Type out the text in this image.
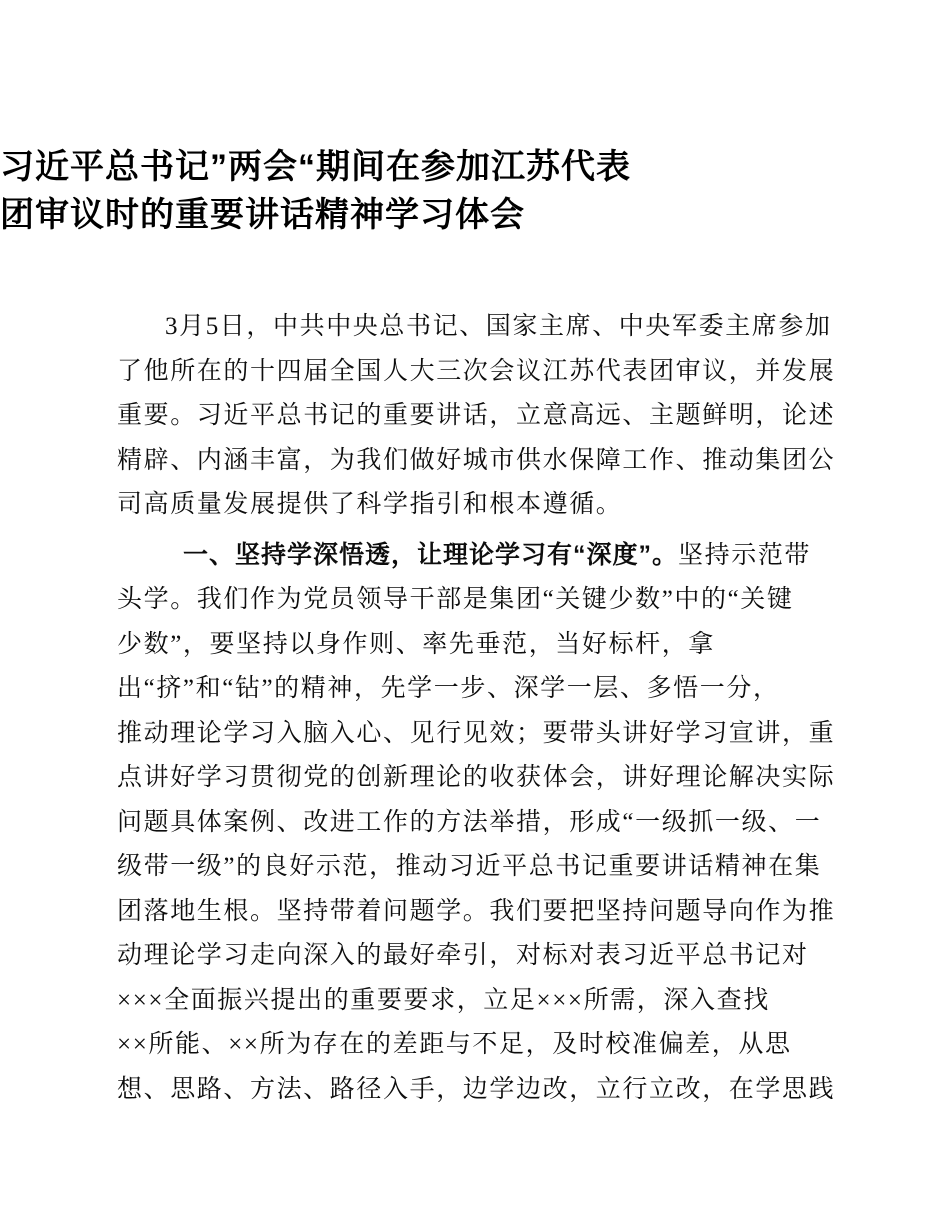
习近平总书记”两会“期间在参加江苏代表
团审议时的重要讲话精神学习体会
3月5日，中共中央总书记、国家主席、中央军委主席参加
了他所在的十四届全国人大三次会议江苏代表团审议，并发展
重要。习近平总书记的重要讲话，立意高远、主题鲜明，论述
精辟、内涵丰富，为我们做好城市供水保障工作、推动集团公
司高质量发展提供了科学指引和根本遵循。
一、坚持学深悟透，让理论学习有“深度”。坚持示范带
头学。我们作为党员领导干部是集团“关键少数”中的“关键
少数”，要坚持以身作则、率先垂范，当好标杆，拿
出“挤”和“钻”的精神，先学一步、深学一层、多悟一分，
推动理论学习入脑入心、见行见效；要带头讲好学习宣讲，重
点讲好学习贯彻党的创新理论的收获体会，讲好理论解决实际
问题具体案例、改进工作的方法举措，形成“一级抓一级、一
级带一级”的良好示范，推动习近平总书记重要讲话精神在集
团落地生根。坚持带着问题学。我们要把坚持问题导向作为推
动理论学习走向深入的最好牵引，对标对表习近平总书记对
×××全面振兴提出的重要要求，立足×××所需，深入查找
××所能、××所为存在的差距与不足，及时校准偏差，从思
想、思路、方法、路径入手，边学边改，立行立改，在学思践
